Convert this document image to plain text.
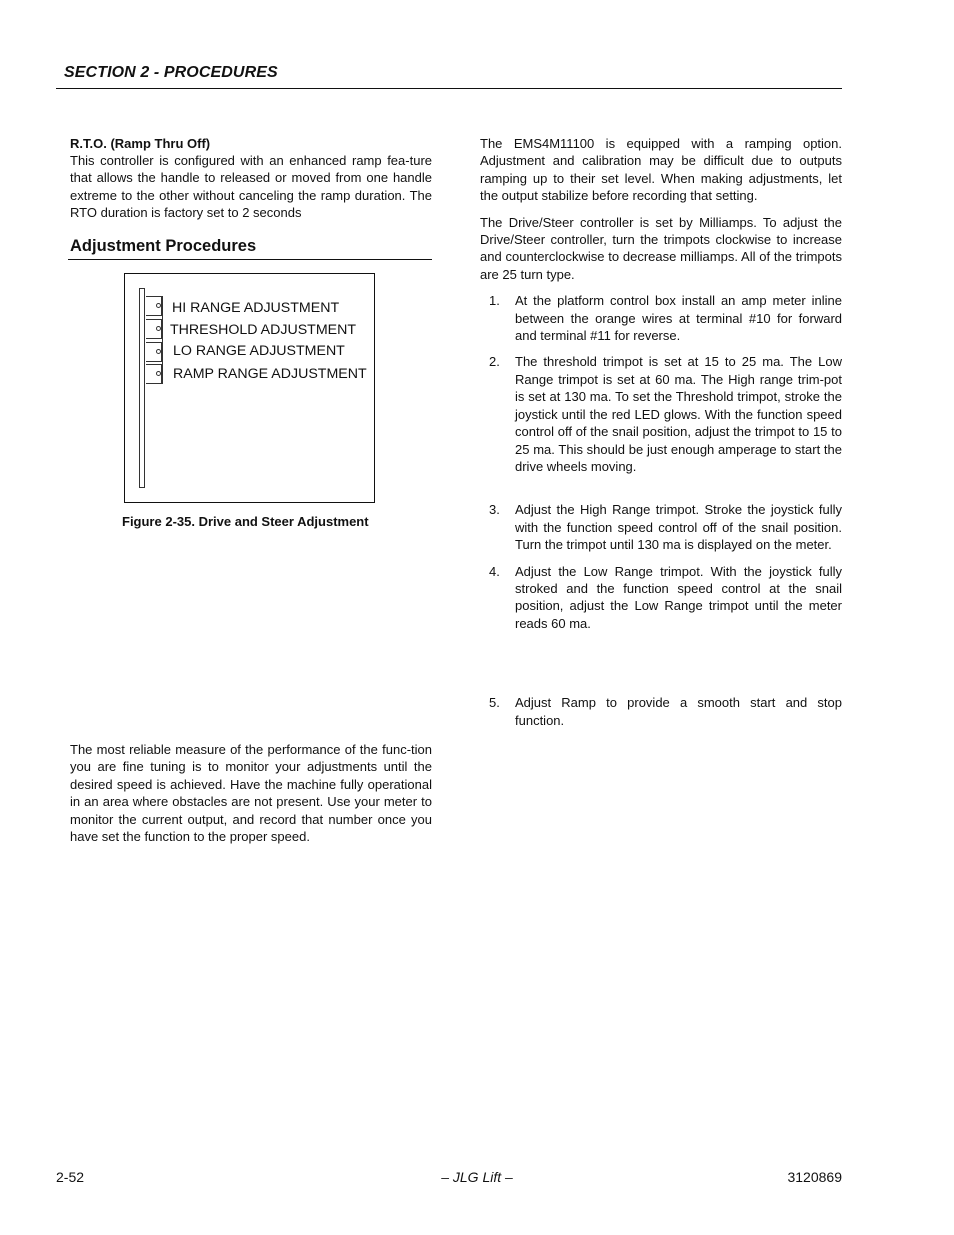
SECTION 2 - PROCEDURES
R.T.O. (Ramp Thru Off)

This controller is configured with an enhanced ramp fea-ture that allows the handle to released or moved from one handle extreme to the other without canceling the ramp duration. The RTO duration is factory set to 2 seconds

Adjustment Procedures
HI RANGE ADJUSTMENT
THRESHOLD ADJUSTMENT
LO RANGE ADJUSTMENT
RAMP RANGE ADJUSTMENT
Figure 2-35. Drive and Steer Adjustment

The most reliable measure of the performance of the func-tion you are fine tuning is to monitor your adjustments until the desired speed is achieved. Have the machine fully operational in an area where obstacles are not present. Use your meter to monitor the current output, and record that number once you have set the function to the proper speed.

The EMS4M11100 is equipped with a ramping option. Adjustment and calibration may be difficult due to outputs ramping up to their set level. When making adjustments, let the output stabilize before recording that setting.

The Drive/Steer controller is set by Milliamps. To adjust the Drive/Steer controller, turn the trimpots clockwise to increase and counterclockwise to decrease milliamps. All of the trimpots are 25 turn type.

1. At the platform control box install an amp meter inline between the orange wires at terminal #10 for forward and terminal #11 for reverse.

2. The threshold trimpot is set at 15 to 25 ma. The Low Range trimpot is set at 60 ma. The High range trim-pot is set at 130 ma. To set the Threshold trimpot, stroke the joystick until the red LED glows. With the function speed control off of the snail position, adjust the trimpot to 15 to 25 ma. This should be just enough amperage to start the drive wheels moving.

3. Adjust the High Range trimpot. Stroke the joystick fully with the function speed control off of the snail position. Turn the trimpot until 130 ma is displayed on the meter.

4. Adjust the Low Range trimpot. With the joystick fully stroked and the function speed control at the snail position, adjust the Low Range trimpot until the meter reads 60 ma.

5. Adjust Ramp to provide a smooth start and stop function.

2-52	– JLG Lift –	3120869
